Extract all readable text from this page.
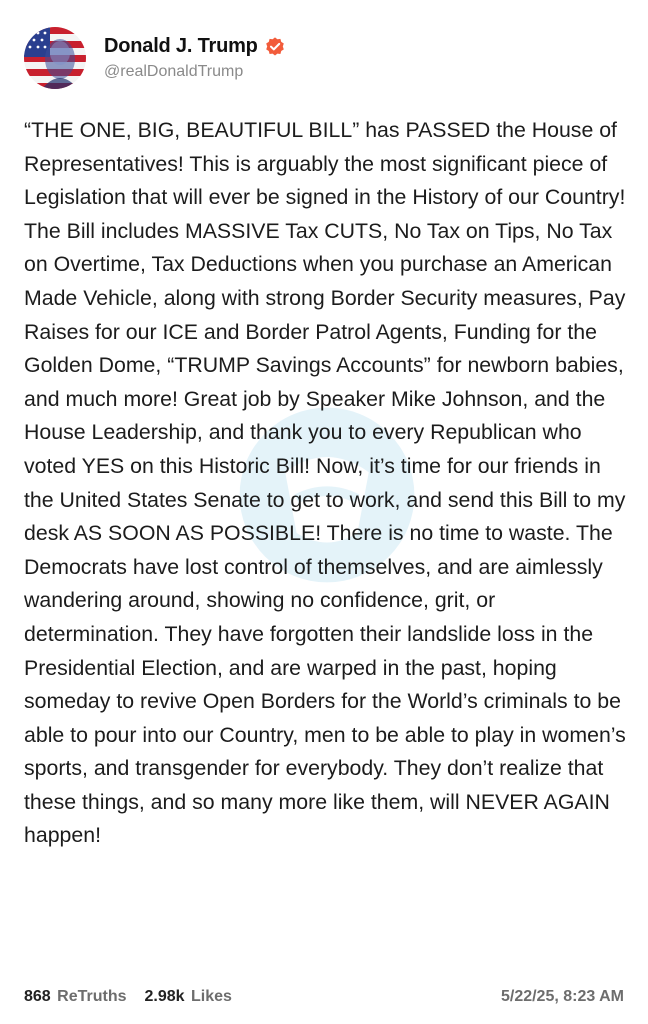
Donald J. Trump
@realDonaldTrump

“THE ONE, BIG, BEAUTIFUL BILL” has PASSED the House of Representatives! This is arguably the most significant piece of Legislation that will ever be signed in the History of our Country! The Bill includes MASSIVE Tax CUTS, No Tax on Tips, No Tax on Overtime, Tax Deductions when you purchase an American Made Vehicle, along with strong Border Security measures, Pay Raises for our ICE and Border Patrol Agents, Funding for the Golden Dome, “TRUMP Savings Accounts” for newborn babies, and much more! Great job by Speaker Mike Johnson, and the House Leadership, and thank you to every Republican who voted YES on this Historic Bill! Now, it’s time for our friends in the United States Senate to get to work, and send this Bill to my desk AS SOON AS POSSIBLE! There is no time to waste. The Democrats have lost control of themselves, and are aimlessly wandering around, showing no confidence, grit, or determination. They have forgotten their landslide loss in the Presidential Election, and are warped in the past, hoping someday to revive Open Borders for the World’s criminals to be able to pour into our Country, men to be able to play in women’s sports, and transgender for everybody. They don’t realize that these things, and so many more like them, will NEVER AGAIN happen!

868 ReTruths 2.98k Likes	5/22/25, 8:23 AM
